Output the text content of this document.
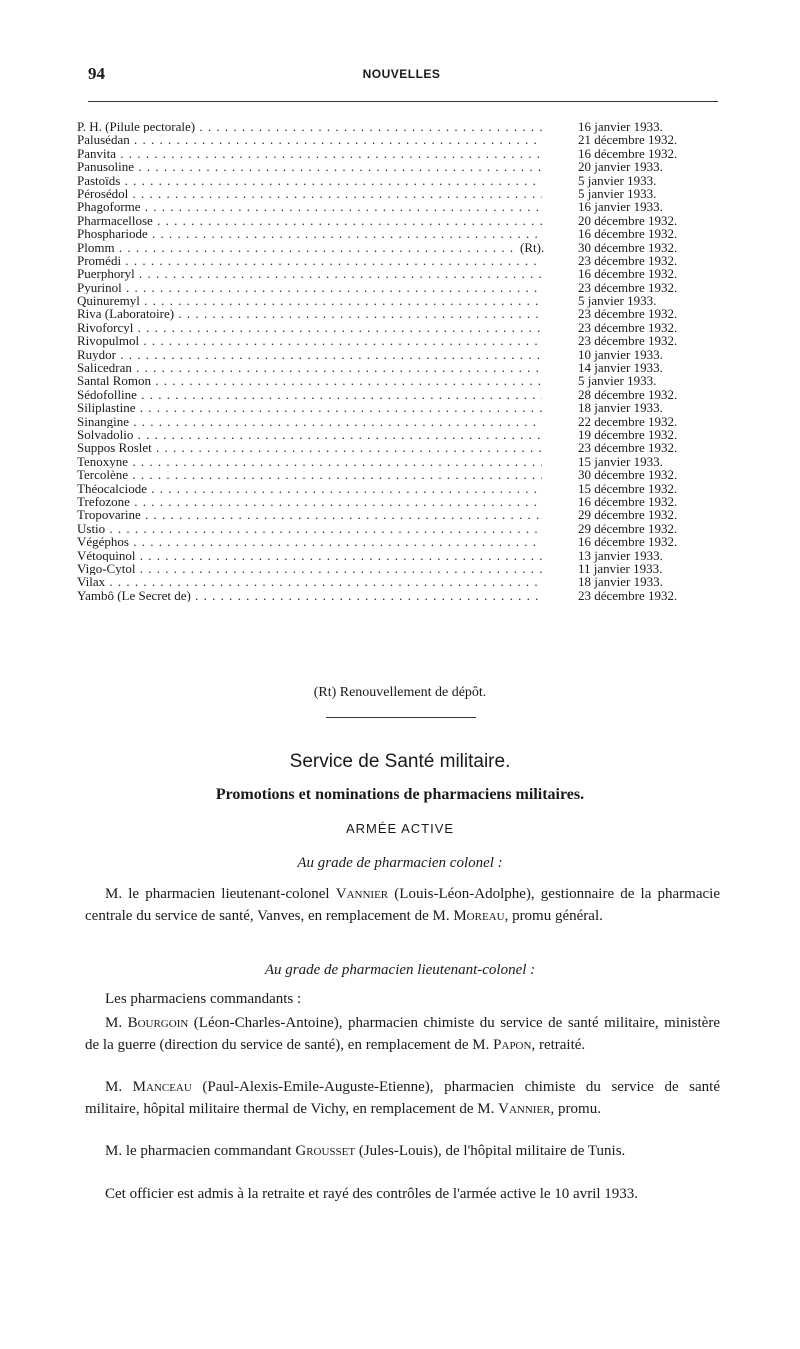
94	NOUVELLES
P. H. (Pilule pectorale) . . .	16 janvier 1933.
Palusédan . . .	21 décembre 1932.
Panvita . . .	16 décembre 1932.
Panusoline . . .	20 janvier 1933.
Pastoïds . . .	5 janvier 1933.
Pérosédol . . .	5 janvier 1933.
Phagoforme . . .	16 janvier 1933.
Pharmacellose . . .	20 décembre 1932.
Phosphariode . . .	16 décembre 1932.
Plomm . . .	(Rt).	30 décembre 1932.
Promédi . . .	23 décembre 1932.
Puerphoryl . . .	16 décembre 1932.
Pyurinol . . .	23 décembre 1932.
Quinuremyl . . .	5 janvier 1933.
Riva (Laboratoire) . . .	23 décembre 1932.
Rivoforcyl . . .	23 décembre 1932.
Rivopulmol . . .	23 décembre 1932.
Ruydor . . .	10 janvier 1933.
Salicedran . . .	14 janvier 1933.
Santal Romon . . .	5 janvier 1933.
Sédofolline . . .	28 décembre 1932.
Siliplastine . . .	18 janvier 1933.
Sinangine . . .	22 decembre 1932.
Solvadolio . . .	19 décembre 1932.
Suppos Roslet . . .	23 décembre 1932.
Tenoxyne . . .	15 janvier 1933.
Tercolène . . .	30 décembre 1932.
Théocalciode . . .	15 décembre 1932.
Trefozone . . .	16 décembre 1932.
Tropovarine . . .	29 décembre 1932.
Ustio . . .	29 décembre 1932.
Végéphos . . .	16 décembre 1932.
Vétoquinol . . .	13 janvier 1933.
Vigo-Cytol . . .	11 janvier 1933.
Vilax . . .	18 janvier 1933.
Yambô (Le Secret de) . . .	23 décembre 1932.
(Rt) Renouvellement de dépôt.
Service de Santé militaire.
Promotions et nominations de pharmaciens militaires.
ARMÉE ACTIVE
Au grade de pharmacien colonel :
M. le pharmacien lieutenant-colonel Vannier (Louis-Léon-Adolphe), gestionnaire de la pharmacie centrale du service de santé, Vanves, en remplacement de M. Moreau, promu général.
Au grade de pharmacien lieutenant-colonel :
Les pharmaciens commandants :
M. Bourgoin (Léon-Charles-Antoine), pharmacien chimiste du service de santé militaire, ministère de la guerre (direction du service de santé), en remplacement de M. Papon, retraité.
M. Manceau (Paul-Alexis-Emile-Auguste-Etienne), pharmacien chimiste du service de santé militaire, hôpital militaire thermal de Vichy, en remplacement de M. Vannier, promu.
M. le pharmacien commandant Grousset (Jules-Louis), de l'hôpital militaire de Tunis.
Cet officier est admis à la retraite et rayé des contrôles de l'armée active le 10 avril 1933.
